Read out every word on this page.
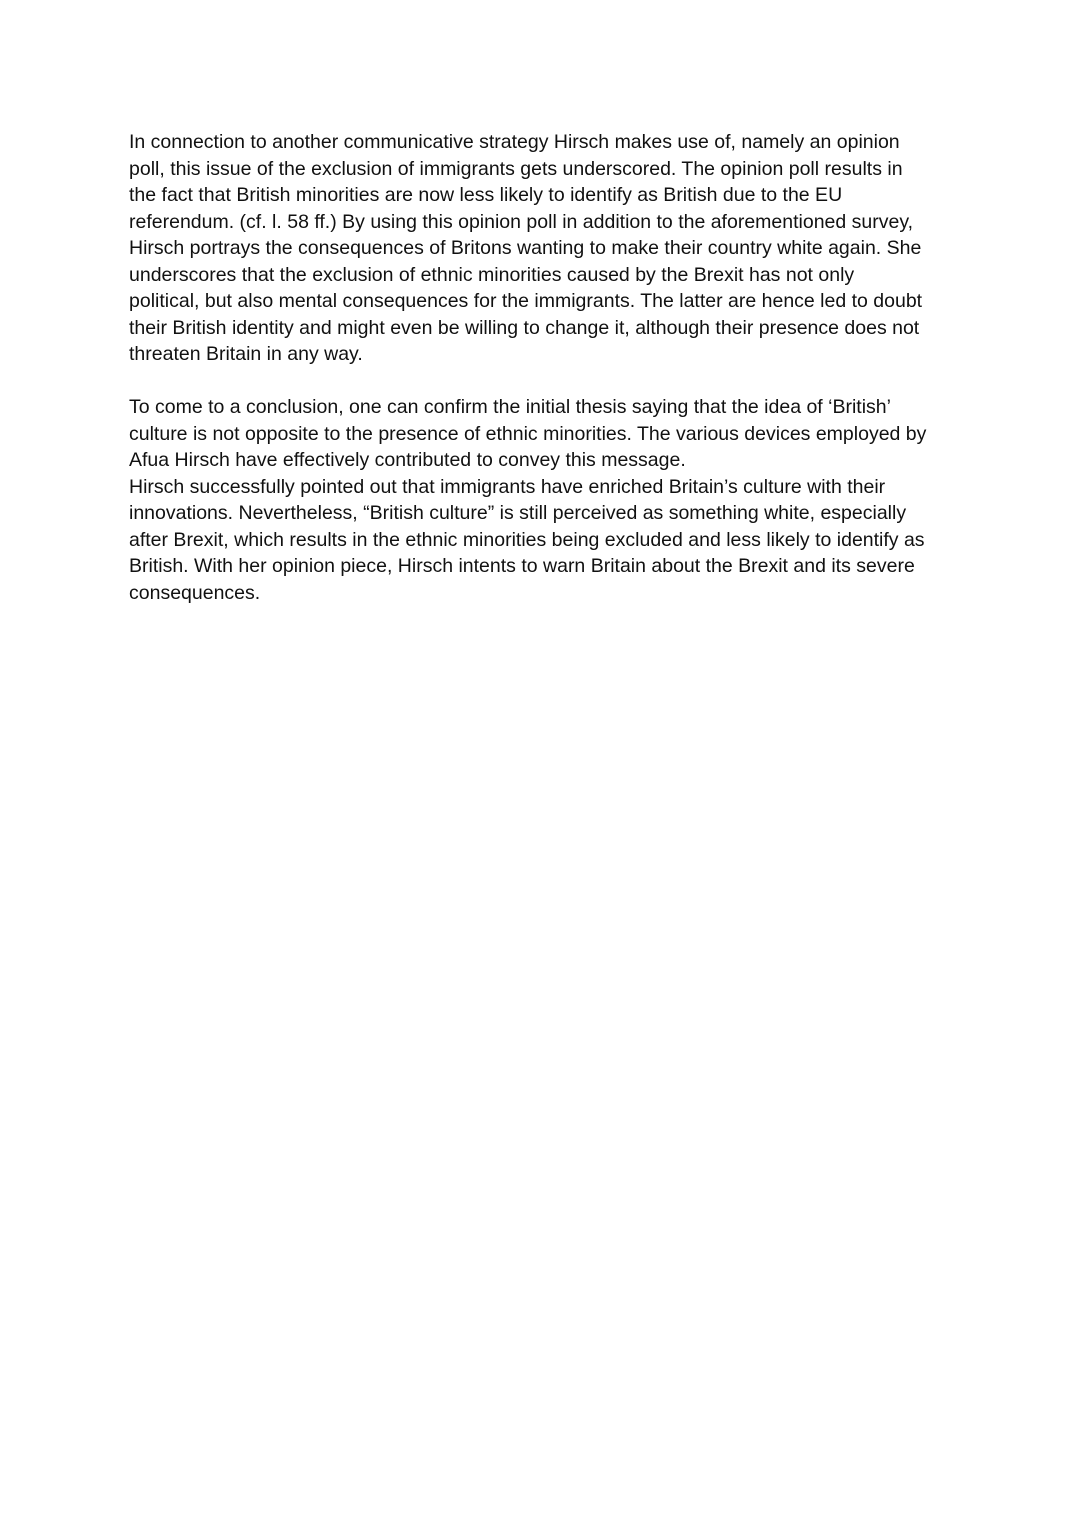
In connection to another communicative strategy Hirsch makes use of, namely an opinion
poll, this issue of the exclusion of immigrants gets underscored. The opinion poll results in
the fact that British minorities are now less likely to identify as British due to the EU
referendum. (cf. l. 58 ff.) By using this opinion poll in addition to the aforementioned survey,
Hirsch portrays the consequences of Britons wanting to make their country white again. She
underscores that the exclusion of ethnic minorities caused by the Brexit has not only
political, but also mental consequences for the immigrants. The latter are hence led to doubt
their British identity and might even be willing to change it, although their presence does not
threaten Britain in any way.
To come to a conclusion, one can confirm the initial thesis saying that the idea of ‘British’
culture is not opposite to the presence of ethnic minorities. The various devices employed by
Afua Hirsch have effectively contributed to convey this message.
Hirsch successfully pointed out that immigrants have enriched Britain’s culture with their
innovations. Nevertheless, “British culture” is still perceived as something white, especially
after Brexit, which results in the ethnic minorities being excluded and less likely to identify as
British. With her opinion piece, Hirsch intents to warn Britain about the Brexit and its severe
consequences.
